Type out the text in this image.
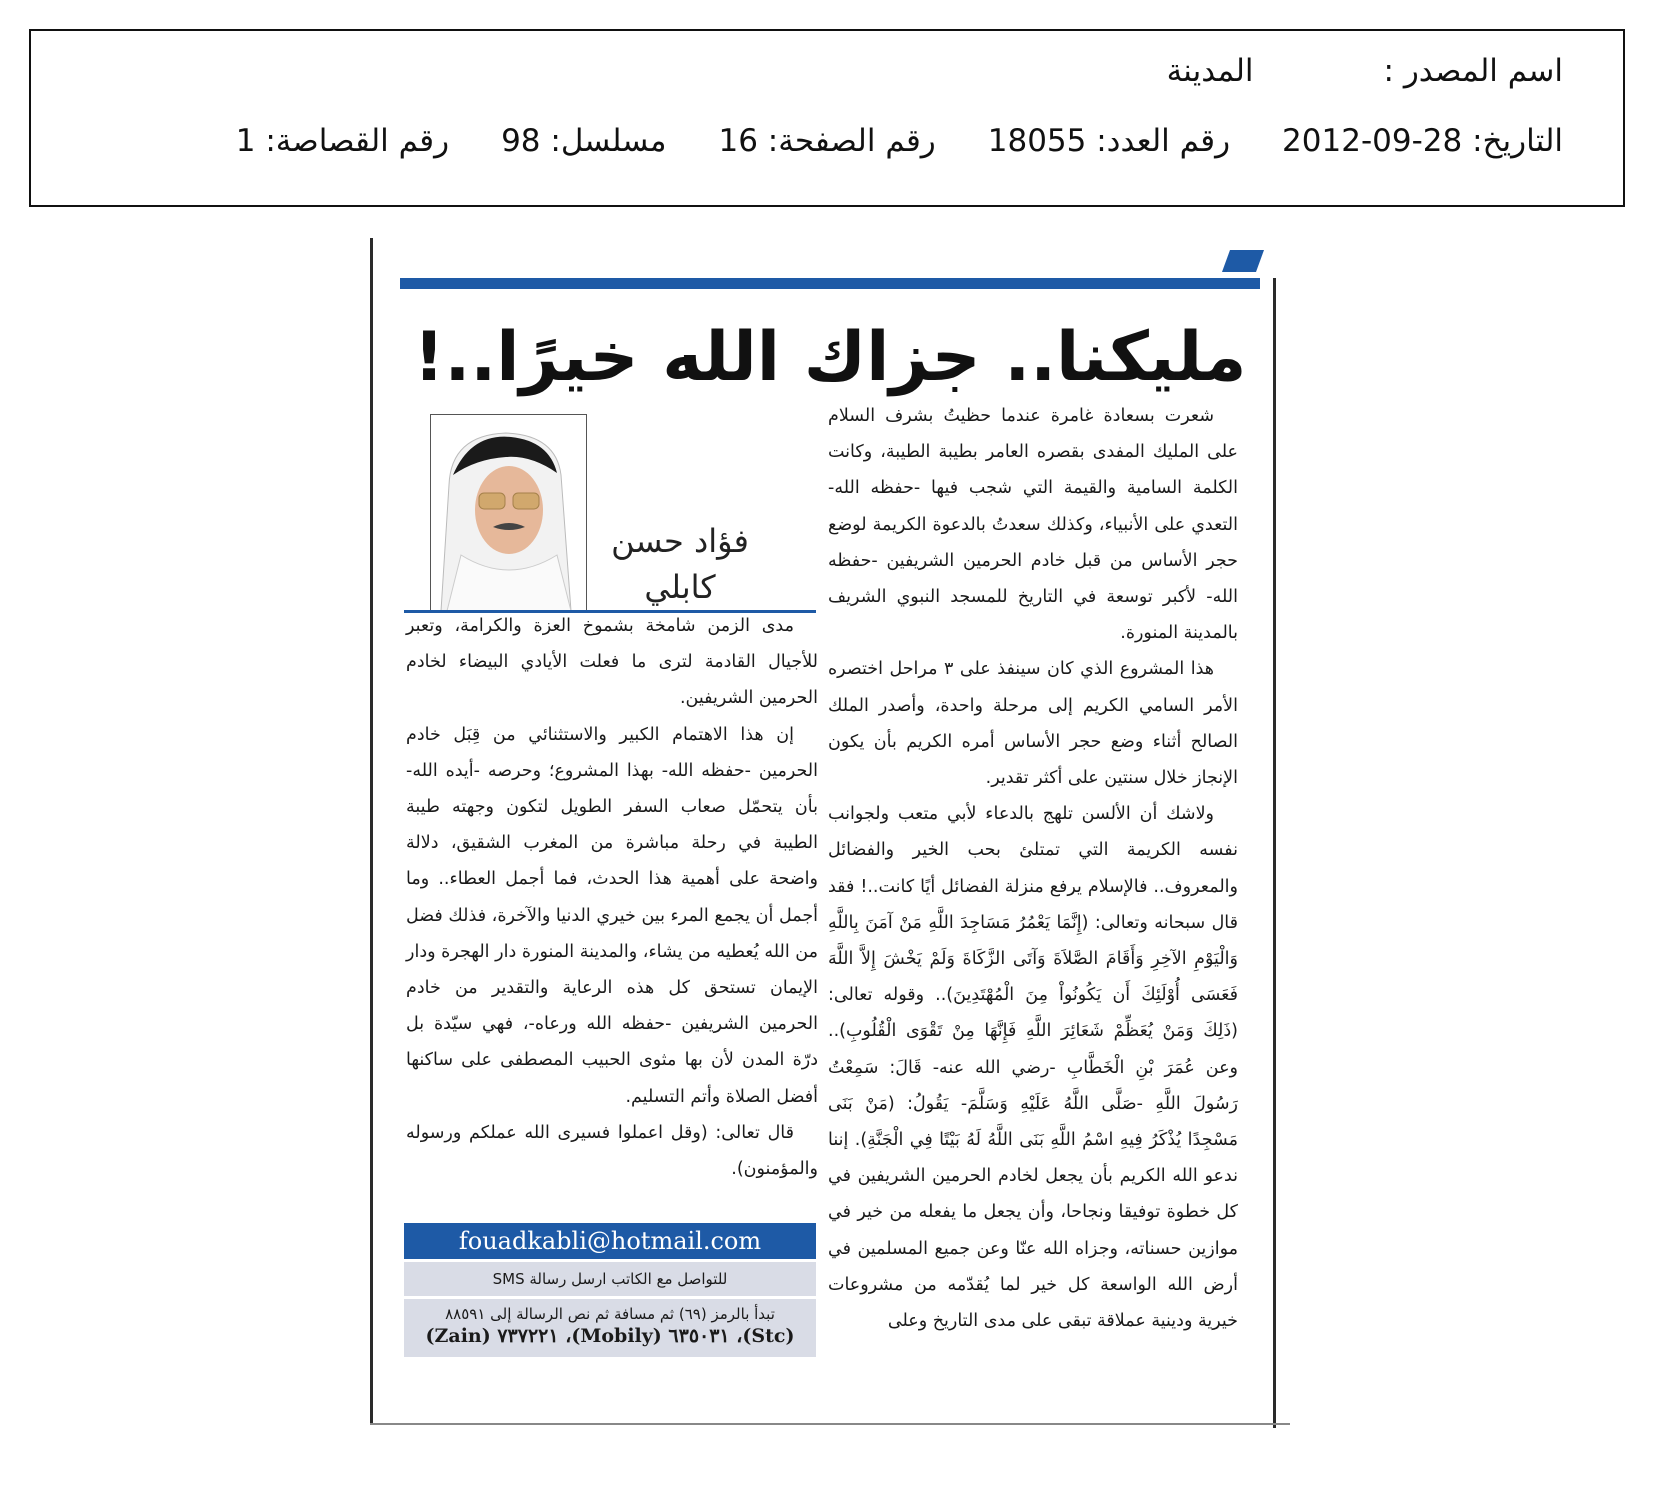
اسم المصدر :
المدينة
التاريخ: 28-09-2012
رقم العدد: 18055
رقم الصفحة: 16
مسلسل: 98
رقم القصاصة: 1
مليكنا.. جزاك الله خيرًا..!
فؤاد حسن
كابلي

شعرت بسعادة غامرة عندما حظيتُ بشرف السلام على المليك المفدى بقصره العامر بطيبة الطيبة، وكانت الكلمة السامية والقيمة التي شجب فيها -حفظه الله- التعدي على الأنبياء، وكذلك سعدتُ بالدعوة الكريمة لوضع حجر الأساس من قبل خادم الحرمين الشريفين -حفظه الله- لأكبر توسعة في التاريخ للمسجد النبوي الشريف بالمدينة المنورة.

هذا المشروع الذي كان سينفذ على ٣ مراحل اختصره الأمر السامي الكريم إلى مرحلة واحدة، وأصدر الملك الصالح أثناء وضع حجر الأساس أمره الكريم بأن يكون الإنجاز خلال سنتين على أكثر تقدير.

ولاشك أن الألسن تلهج بالدعاء لأبي متعب ولجوانب نفسه الكريمة التي تمتلئ بحب الخير والفضائل والمعروف.. فالإسلام يرفع منزلة الفضائل أيًا كانت..! فقد قال سبحانه وتعالى: (إِنَّمَا يَعْمُرُ مَسَاجِدَ اللَّهِ مَنْ آمَنَ بِاللَّهِ وَالْيَوْمِ الآخِرِ وَأَقَامَ الصَّلاَةَ وَآتَى الزَّكَاةَ وَلَمْ يَخْشَ إِلاَّ اللَّهَ فَعَسَى أُوْلَئِكَ أَن يَكُونُواْ مِنَ الْمُهْتَدِينَ).. وقوله تعالى: (ذَلِكَ وَمَنْ يُعَظِّمْ شَعَائِرَ اللَّهِ فَإِنَّهَا مِنْ تَقْوَى الْقُلُوبِ).. وعن عُمَرَ بْنِ الْخَطَّابِ -رضي الله عنه- قَالَ: سَمِعْتُ رَسُولَ اللَّهِ -صَلَّى اللَّهُ عَلَيْهِ وَسَلَّمَ- يَقُولُ: (مَنْ بَنَى مَسْجِدًا يُذْكَرُ فِيهِ اسْمُ اللَّهِ بَنَى اللَّهُ لَهُ بَيْتًا فِي الْجَنَّةِ). إننا ندعو الله الكريم بأن يجعل لخادم الحرمين الشريفين في كل خطوة توفيقا ونجاحا، وأن يجعل ما يفعله من خير في موازين حسناته، وجزاه الله عنّا وعن جميع المسلمين في أرض الله الواسعة كل خير لما يُقدّمه من مشروعات خيرية ودينية عملاقة تبقى على مدى التاريخ وعلى

مدى الزمن شامخة بشموخ العزة والكرامة، وتعبر للأجيال القادمة لترى ما فعلت الأيادي البيضاء لخادم الحرمين الشريفين.

إن هذا الاهتمام الكبير والاستثنائي من قِبَل خادم الحرمين -حفظه الله- بهذا المشروع؛ وحرصه -أيده الله- بأن يتحمّل صعاب السفر الطويل لتكون وجهته طيبة الطيبة في رحلة مباشرة من المغرب الشقيق، دلالة واضحة على أهمية هذا الحدث، فما أجمل العطاء.. وما أجمل أن يجمع المرء بين خيري الدنيا والآخرة، فذلك فضل من الله يُعطيه من يشاء، والمدينة المنورة دار الهجرة ودار الإيمان تستحق كل هذه الرعاية والتقدير من خادم الحرمين الشريفين -حفظه الله ورعاه-، فهي سيّدة بل درّة المدن لأن بها مثوى الحبيب المصطفى على ساكنها أفضل الصلاة وأتم التسليم.

قال تعالى: (وقل اعملوا فسيرى الله عملكم ورسوله والمؤمنون).

fouadkabli@hotmail.com
للتواصل مع الكاتب ارسل رسالة SMS
تبدأ بالرمز (٦٩) ثم مسافة ثم نص الرسالة إلى ٨٨٥٩١
(Stc)، ٦٣٥٠٣١ (Mobily)، ٧٣٧٢٢١ (Zain)
